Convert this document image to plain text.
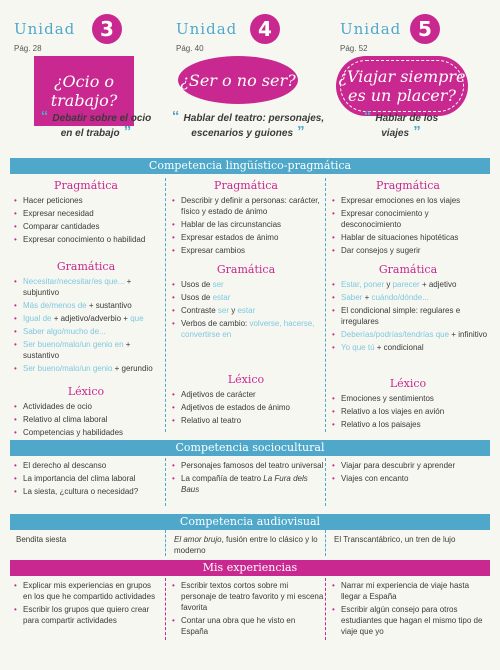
Unidad	3
Pág. 28
¿Ocio o trabajo?
Unidad	4
Pág. 40
¿Ser o no ser?
Unidad 5
Pág. 52
¿Viajar siempre es un placer?
“ Debatir sobre el ocio en el trabajo ”
“ Hablar del teatro: personajes, escenarios y guiones ”
“ Hablar de los viajes ”
Competencia lingüístico-pragmática
Pragmática
• Hacer peticiones
• Expresar necesidad
• Comparar cantidades
• Expresar conocimiento o habilidad
Gramática
• Necesitar/necesitar/es que... + subjuntivo
• Más de/menos de + sustantivo
• Igual de + adjetivo/adverbio + que
• Saber algo/mucho de...
• Ser bueno/malo/un genio en + sustantivo
• Ser bueno/malo/un genio + gerundio
Léxico
• Actividades de ocio
• Relativo al clima laboral
• Competencias y habilidades
Pragmática
• Describir y definir a personas: carácter, físico y estado de ánimo
• Hablar de las circunstancias
• Expresar estados de ánimo
• Expresar cambios
Gramática
• Usos de ser
• Usos de estar
• Contraste ser y estar
• Verbos de cambio: volverse, hacerse, convertirse en
Léxico
• Adjetivos de carácter
• Adjetivos de estados de ánimo
• Relativo al teatro
Pragmática
• Expresar emociones en los viajes
• Expresar conocimiento y desconocimiento
• Hablar de situaciones hipotéticas
• Dar consejos y sugerir
Gramática
• Estar, poner y parecer + adjetivo
• Saber + cuándo/dónde...
• El condicional simple: regulares e irregulares
• Deberías/podrías/tendrías que + infinitivo
• Yo que tú + condicional
Léxico
• Emociones y sentimientos
• Relativo a los viajes en avión
• Relativo a los paisajes
Competencia sociocultural
• El derecho al descanso
• La importancia del clima laboral
• La siesta, ¿cultura o necesidad?
• Personajes famosos del teatro universal
• La compañía de teatro La Fura dels Baus
• Viajar para descubrir y aprender
• Viajes con encanto
Competencia audiovisual
Bendita siesta	El amor brujo, fusión entre lo clásico y lo moderno
El Transcantábrico, un tren de lujo
Mis experiencias
• Explicar mis experiencias en grupos en los que he compartido actividades
• Escribir los grupos que quiero crear para compartir actividades
• Escribir textos cortos sobre mi personaje de teatro favorito y mi escena favorita
• Contar una obra que he visto en España
• Narrar mi experiencia de viaje hasta llegar a España
• Escribir algún consejo para otros estudiantes que hagan el mismo tipo de viaje que yo
